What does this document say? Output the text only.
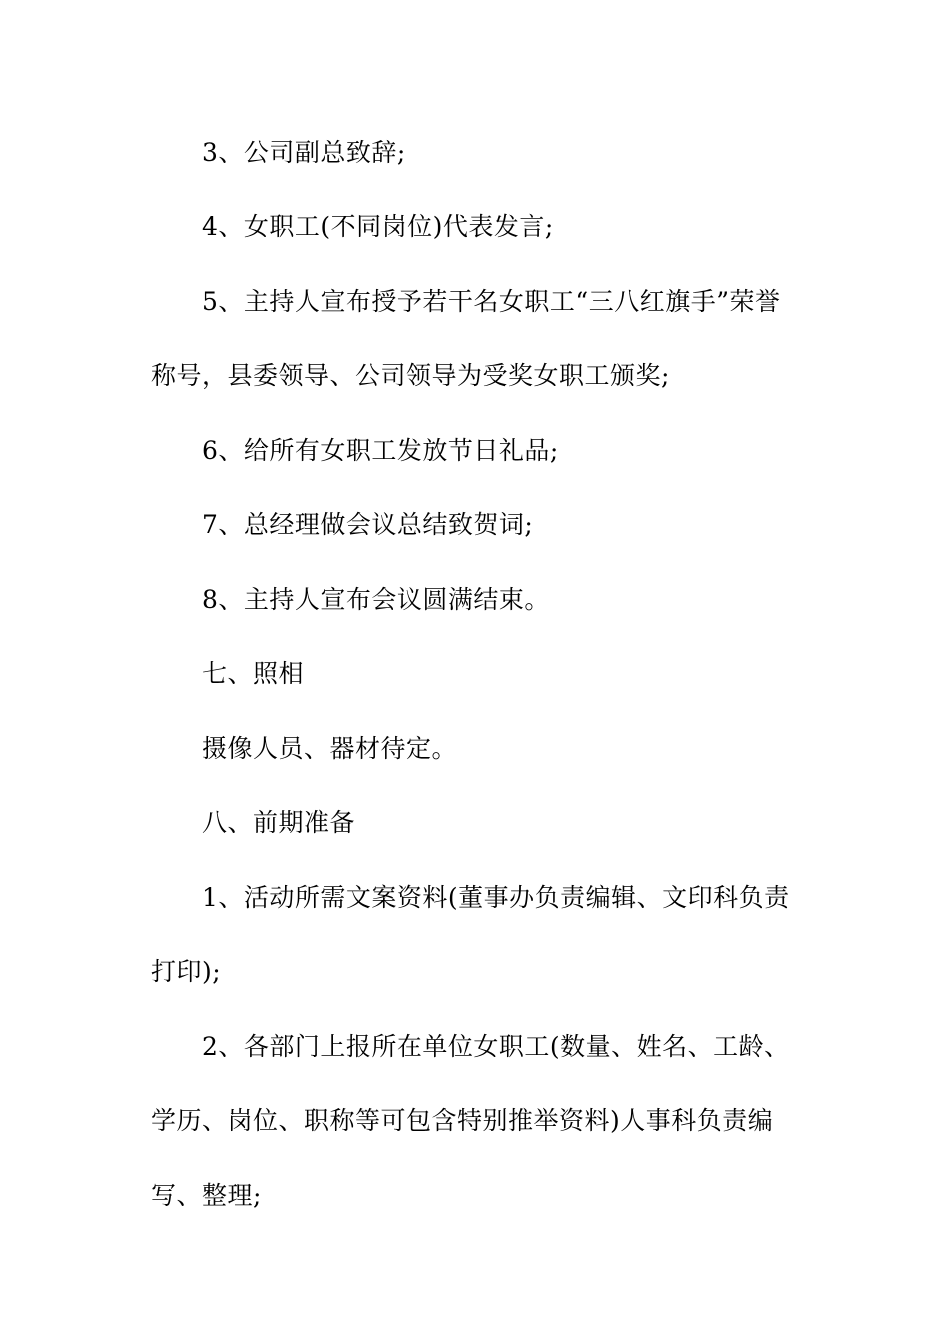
3、公司副总致辞;
4、女职工(不同岗位)代表发言;
5、主持人宣布授予若干名女职工“三八红旗手”荣誉
称号，县委领导、公司领导为受奖女职工颁奖;
6、给所有女职工发放节日礼品;
7、总经理做会议总结致贺词;
8、主持人宣布会议圆满结束。
七、照相
摄像人员、器材待定。
八、前期准备
1、活动所需文案资料(董事办负责编辑、文印科负责
打印);
2、各部门上报所在单位女职工(数量、姓名、工龄、
学历、岗位、职称等可包含特别推举资料)人事科负责编
写、整理;
